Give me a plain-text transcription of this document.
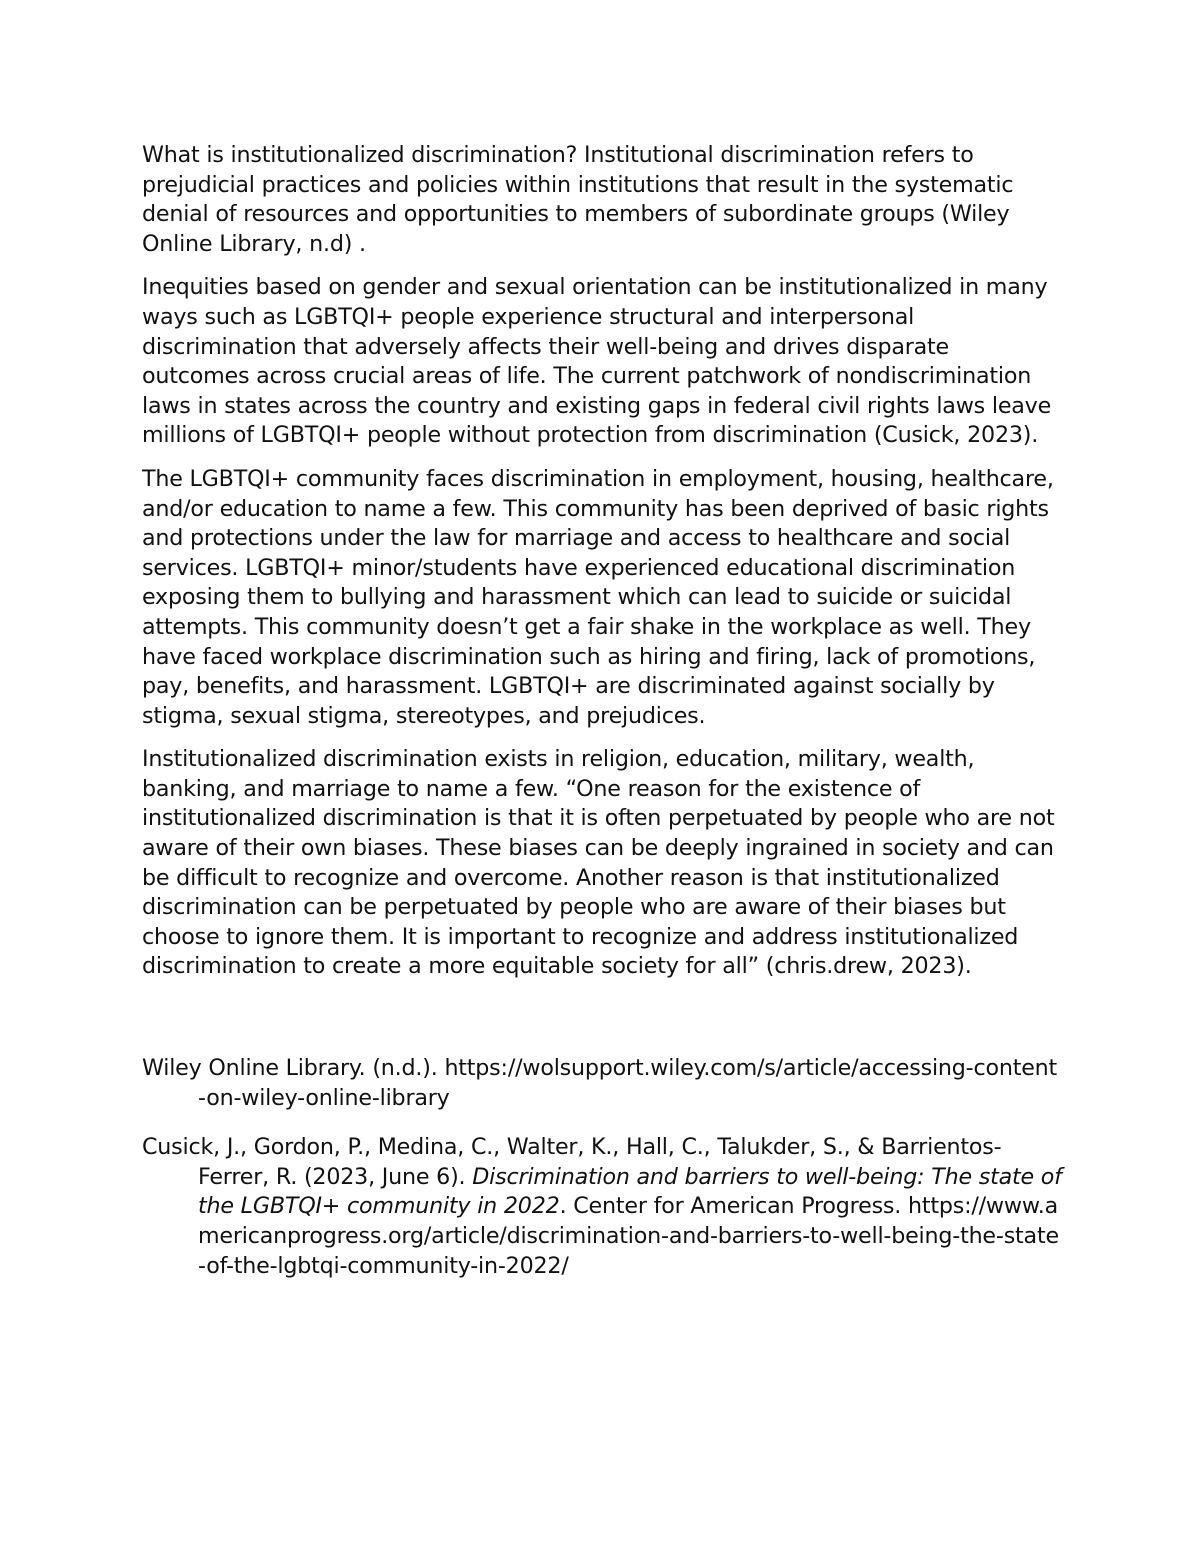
What is institutionalized discrimination? Institutional discrimination refers to prejudicial practices and policies within institutions that result in the systematic denial of resources and opportunities to members of subordinate groups (Wiley Online Library, n.d) .

Inequities based on gender and sexual orientation can be institutionalized in many ways such as LGBTQI+ people experience structural and interpersonal discrimination that adversely affects their well-being and drives disparate outcomes across crucial areas of life. The current patchwork of nondiscrimination laws in states across the country and existing gaps in federal civil rights laws leave millions of LGBTQI+ people without protection from discrimination (Cusick, 2023).

The LGBTQI+ community faces discrimination in employment, housing, healthcare, and/or education to name a few. This community has been deprived of basic rights and protections under the law for marriage and access to healthcare and social services. LGBTQI+ minor/students have experienced educational discrimination exposing them to bullying and harassment which can lead to suicide or suicidal attempts. This community doesn’t get a fair shake in the workplace as well. They have faced workplace discrimination such as hiring and firing, lack of promotions, pay, benefits, and harassment. LGBTQI+ are discriminated against socially by stigma, sexual stigma, stereotypes, and prejudices.

Institutionalized discrimination exists in religion, education, military, wealth, banking, and marriage to name a few. “One reason for the existence of institutionalized discrimination is that it is often perpetuated by people who are not aware of their own biases. These biases can be deeply ingrained in society and can be difficult to recognize and overcome. Another reason is that institutionalized discrimination can be perpetuated by people who are aware of their biases but choose to ignore them. It is important to recognize and address institutionalized discrimination to create a more equitable society for all” (chris.drew, 2023).

Wiley Online Library. (n.d.). https://wolsupport.wiley.com/s/article/accessing-content-on-wiley-online-library

Cusick, J., Gordon, P., Medina, C., Walter, K., Hall, C., Talukder, S., & Barrientos-Ferrer, R. (2023, June 6). Discrimination and barriers to well-being: The state of the LGBTQI+ community in 2022. Center for American Progress. https://www.americanprogress.org/article/discrimination-and-barriers-to-well-being-the-state-of-the-lgbtqi-community-in-2022/
